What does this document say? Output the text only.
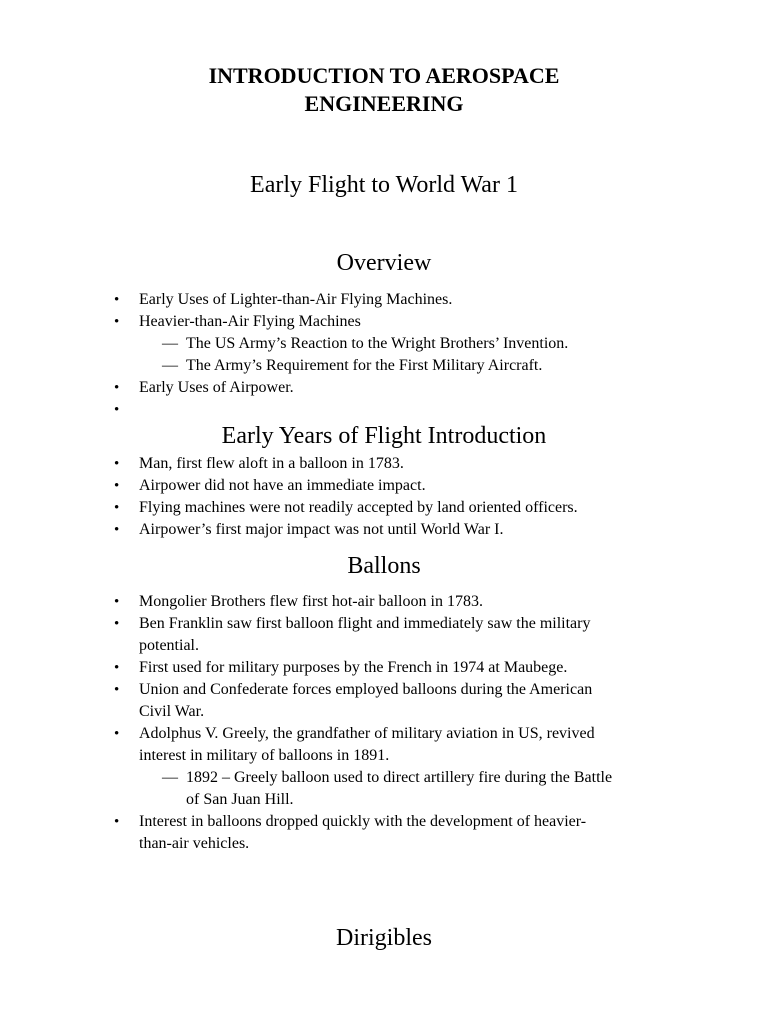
INTRODUCTION TO AEROSPACE
ENGINEERING
Early Flight to World War 1
Overview
• Early Uses of Lighter-than-Air Flying Machines.
• Heavier-than-Air Flying Machines
— The US Army’s Reaction to the Wright Brothers’ Invention.
— The Army’s Requirement for the First Military Aircraft.
• Early Uses of Airpower.
Early Years of Flight Introduction
• Man, first flew aloft in a balloon in 1783.
• Airpower did not have an immediate impact.
• Flying machines were not readily accepted by land oriented officers.
• Airpower’s first major impact was not until World War I.
Ballons
• Mongolier Brothers flew first hot-air balloon in 1783.
• Ben Franklin saw first balloon flight and immediately saw the military
potential.
• First used for military purposes by the French in 1974 at Maubege.
• Union and Confederate forces employed balloons during the American
Civil War.
• Adolphus V. Greely, the grandfather of military aviation in US, revived
interest in military of balloons in 1891.
— 1892 – Greely balloon used to direct artillery fire during the Battle
of San Juan Hill.
• Interest in balloons dropped quickly with the development of heavier-
than-air vehicles.
Dirigibles
